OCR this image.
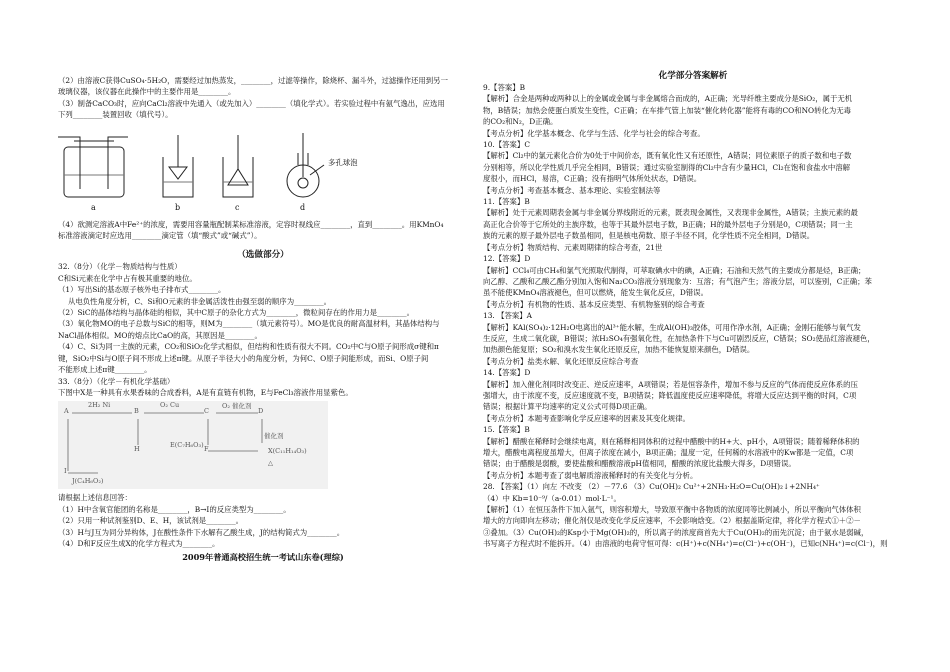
（2）由溶液C获得CuSO₄·5H₂O，需要经过加热蒸发，________，过滤等操作，除烧杯、漏斗外，过滤操作还用到另一

玻璃仪器，该仪器在此操作中的主要作用是________。

（3）制备CaCO₃时，应向CaCl₂溶液中先通入（或先加入）________（填化学式）。若实验过程中有氨气逸出，应选用

下列________装置回收（填代号）。

a	b	c	d
多孔球泡

（4）欲测定溶液A中Fe²⁺的浓度，需要用容量瓶配制某标准溶液，定容时视线应________，直到________。用KMnO₄

标准溶液滴定时应选用________滴定管（填“酸式”或“碱式”）。

（选做部分）

32.（8分）（化学－物质结构与性质）

C和Si元素在化学中占有极其重要的地位。

（1）写出Si的基态原子核外电子排布式________。

从电负性角度分析，C、Si和O元素的非金属活泼性由强至弱的顺序为________。

（2）SiC的晶体结构与晶体硅的相似，其中C原子的杂化方式为________，微粒间存在的作用力是________。

（3）氧化物MO的电子总数与SiC的相等，则M为________（填元素符号）。MO是优良的耐高温材料，其晶体结构与

NaCl晶体相似。MO的熔点比CaO的高，其原因是________。

（4）C、Si为同一主族的元素，CO₂和SiO₂化学式相似，但结构和性质有很大不同。CO₂中C与O原子间形成σ键和π

键，SiO₂中Si与O原子间不形成上述π键。从原子半径大小的角度分析，为何C、O原子间能形成，而Si、O原子间

不能形成上述π键________。

33.（8分）（化学－有机化学基础）

下图中X是一种具有水果香味的合成香料，A是有直链有机物，E与FeCl₃溶液作用显紫色。

A
2H₂ Ni
B
O₂ Cu
C
O₂ 催化剂
D
H	E(C₇H₆O₃) F
催化剂
X(C₁₁H₁₄O₃)
△
I
J(C₄H₆O₂)

请根据上述信息回答：

（1）H中含氧官能团的名称是________，B→I的反应类型为________。

（2）只用一种试剂鉴别D、E、H，该试剂是________。

（3）H与J互为同分异构体，J在酸性条件下水解有乙酸生成，J的结构简式为________。

（4）D和F反应生成X的化学方程式为________。

2009年普通高校招生统一考试山东卷(理综)

化学部分答案解析

9.【答案】B

【解析】合金是两种或两种以上的金属或金属与非金属熔合而成的，A正确；光导纤维主要成分是SiO₂，属于无机

物，B错误；加热会使蛋白质发生变性，C正确；在车排气管上加装“催化转化器”能将有毒的CO和NO转化为无毒

的CO₂和N₂，D正确。

【考点分析】化学基本概念、化学与生活、化学与社会的综合考查。

10.【答案】C

【解析】Cl₂中的氯元素化合价为0处于中间价态，既有氧化性又有还原性，A错误；同位素原子的质子数和电子数

分别相等，所以化学性质几乎完全相同，B错误；通过实验室制得的Cl₂中含有少量HCl，Cl₂在饱和食盐水中溶解

度很小，而HCl，易溶，C正确；没有指明气体所处状态，D错误。

【考点分析】考查基本概念、基本理论、实验室制法等

11.【答案】B

【解析】处于元素周期表金属与非金属分界线附近的元素，既表现金属性，又表现非金属性，A错误；主族元素的最

高正化合价等于它所处的主族序数，也等于其最外层电子数，B正确；H的最外层电子分别是0，C项错误；同一主

族的元素的原子最外层电子数虽相同，但是核电荷数、原子半径不同，化学性质不完全相同，D错误。

【考点分析】物质结构、元素周期律的综合考查，21世

12.【答案】D

【解析】CCl₄可由CH₄和氯气光照取代制得，可萃取碘水中的碘，A正确；石油和天然气的主要成分都是烃，B正确；

向乙醇、乙酸和乙酸乙酯分别加入饱和Na₂CO₃溶液分别现象为：互溶；有气泡产生；溶液分层，可以鉴别，C正确；苯

虽不能使KMnO₄溶液褪色，但可以燃烧，能发生氧化反应，D错误。

【考点分析】有机物的性质、基本反应类型、有机物鉴别的综合考查

13. 【答案】A

【解析】KAl(SO₄)₂·12H₂O电离出的Al³⁺能水解，生成Al(OH)₃胶体，可用作净水剂，A正确；金刚石能够与氧气发

生反应，生成二氧化碳，B错误；浓H₂SO₄有强氧化性，在加热条件下与Cu可剧烈反应，C错误；SO₂使品红溶液褪色，

加热颜色能复原；SO₂和溴水发生氧化还原反应，加热不能恢复原来颜色，D错误。

【考点分析】盐类水解、氧化还原反应综合考查

14.【答案】D

【解析】加入催化剂同时改变正、逆反应速率，A项错误；若是恒容条件，增加不参与反应的气体而使反应体系的压

强增大，由于浓度不变，反应速度就不变，B项错误；降低温度使反应速率降低，将增大反应达到平衡的时间，C项

错误；根据计算平均速率的定义公式可得D项正确。

【考点分析】本题考查影响化学反应速率的因素及其变化规律。

15.【答案】B

【解析】醋酸在稀释时会继续电离，则在稀释相同体积的过程中醋酸中的H+大、pH小，A项错误；随着稀释体积的

增大，醋酸电离程度虽增大，但离子浓度在减小，B项正确；温度一定，任何稀的水溶液中的Kw都是一定值，C项

错误；由于醋酸是弱酸，要使盐酸和醋酸溶液pH值相同，醋酸的浓度比盐酸大得多，D项错误。

【考点分析】本题考查了弱电解质溶液稀释时的有关变化与分析。

28. 【答案】（1）向左 不改变 （2）－77.6 （3）Cu(OH)₂ Cu²⁺+2NH₃·H₂O=Cu(OH)₂↓+2NH₄⁺

（4）中 Kb=10⁻⁹/（a-0.01）mol·L⁻¹。

【解析】（1）在恒压条件下加入氩气，则容积增大，导致原平衡中各物质的浓度同等比例减小，所以平衡向气体体积

增大的方向即向左移动；催化剂仅是改变化学反应速率，不会影响焓变。（2）根据盖斯定律，将化学方程式①＋②－

③叠加。（3）Cu(OH)₂的Ksp小于Mg(OH)₂的，所以离子的浓度商首先大于Cu(OH)₂的而先沉淀；由于氨水是弱碱，

书写离子方程式时不能拆开。（4）由溶液的电荷守恒可得：c(H⁺)+c(NH₄⁺)=c(Cl⁻)+c(OH⁻)，已知c(NH₄⁺)=c(Cl⁻)，则
